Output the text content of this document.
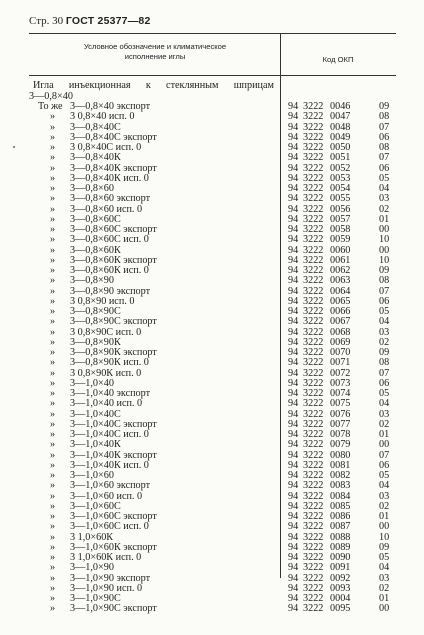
Стр. 30 ГОСТ 25377—82
Условное обозначение и климатическое
исполнение иглы	Код ОКП
Игла инъекционная к стеклянным шприцам
3—0,8×40
То же 3—0,8×40 экспорт	94 3222 0046	09
» 3 0,8×40 исп. 0	94 3222 0047	08
» 3—0,8×40С	94 3222 0048	07
» 3—0,8×40С экспорт	94 3222 0049	06
» 3 0,8×40С исп. 0	94 3222 0050	08
» 3—0,8×40К	94 3222 0051	07
» 3—0,8×40К экспорт	94 3222 0052	06
» 3—0,8×40К исп. 0	94 3222 0053	05
» 3—0,8×60	94 3222 0054	04
» 3—0,8×60 экспорт	94 3222 0055	03
» 3—0,8×60 исп. 0	94 3222 0056	02
» 3—0,8×60С	94 3222 0057	01
» 3—0,8×60С экспорт	94 3222 0058	00
» 3—0,8×60С исп. 0	94 3222 0059	10
» 3—0,8×60К	94 3222 0060	00
» 3—0,8×60К экспорт	94 3222 0061	10
» 3—0,8×60К исп. 0	94 3222 0062	09
» 3—0,8×90	94 3222 0063	08
» 3—0,8×90 экспорт	94 3222 0064	07
» 3 0,8×90 исп. 0	94 3222 0065	06
» 3—0,8×90С	94 3222 0066	05
» 3—0,8×90С экспорт	94 3222 0067	04
» 3 0,8×90С исп. 0	94 3222 0068	03
» 3—0,8×90К	94 3222 0069	02
» 3—0,8×90К экспорт	94 3222 0070	09
» 3—0,8×90К исп. 0	94 3222 0071	08
» 3 0,8×90К исп. 0	94 3222 0072	07
» 3—1,0×40	94 3222 0073	06
» 3—1,0×40 экспорт	94 3222 0074	05
» 3—1,0×40 исп. 0	94 3222 0075	04
» 3—1,0×40С	94 3222 0076	03
» 3—1,0×40С экспорт	94 3222 0077	02
» 3—1,0×40С исп. 0	94 3222 0078	01
» 3—1,0×40К	94 3222 0079	00
» 3—1,0×40К экспорт	94 3222 0080	07
» 3—1,0×40К исп. 0	94 3222 0081	06
» 3—1,0×60	94 3222 0082	05
» 3—1,0×60 экспорт	94 3222 0083	04
» 3—1,0×60 исп. 0	94 3222 0084	03
» 3—1,0×60С	94 3222 0085	02
» 3—1,0×60С экспорт	94 3222 0086	01
» 3—1,0×60С исп. 0	94 3222 0087	00
» 3 1,0×60К	94 3222 0088	10
» 3—1,0×60К экспорт	94 3222 0089	09
» 3 1,0×60К исп. 0	94 3222 0090	05
» 3—1,0×90	94 3222 0091	04
» 3—1,0×90 экспорт	94 3222 0092	03
» 3—1,0×90 исп. 0	94 3222 0093	02
» 3—1,0×90С	94 3222 0004	01
» 3—1,0×90С экспорт	94 3222 0095	00
